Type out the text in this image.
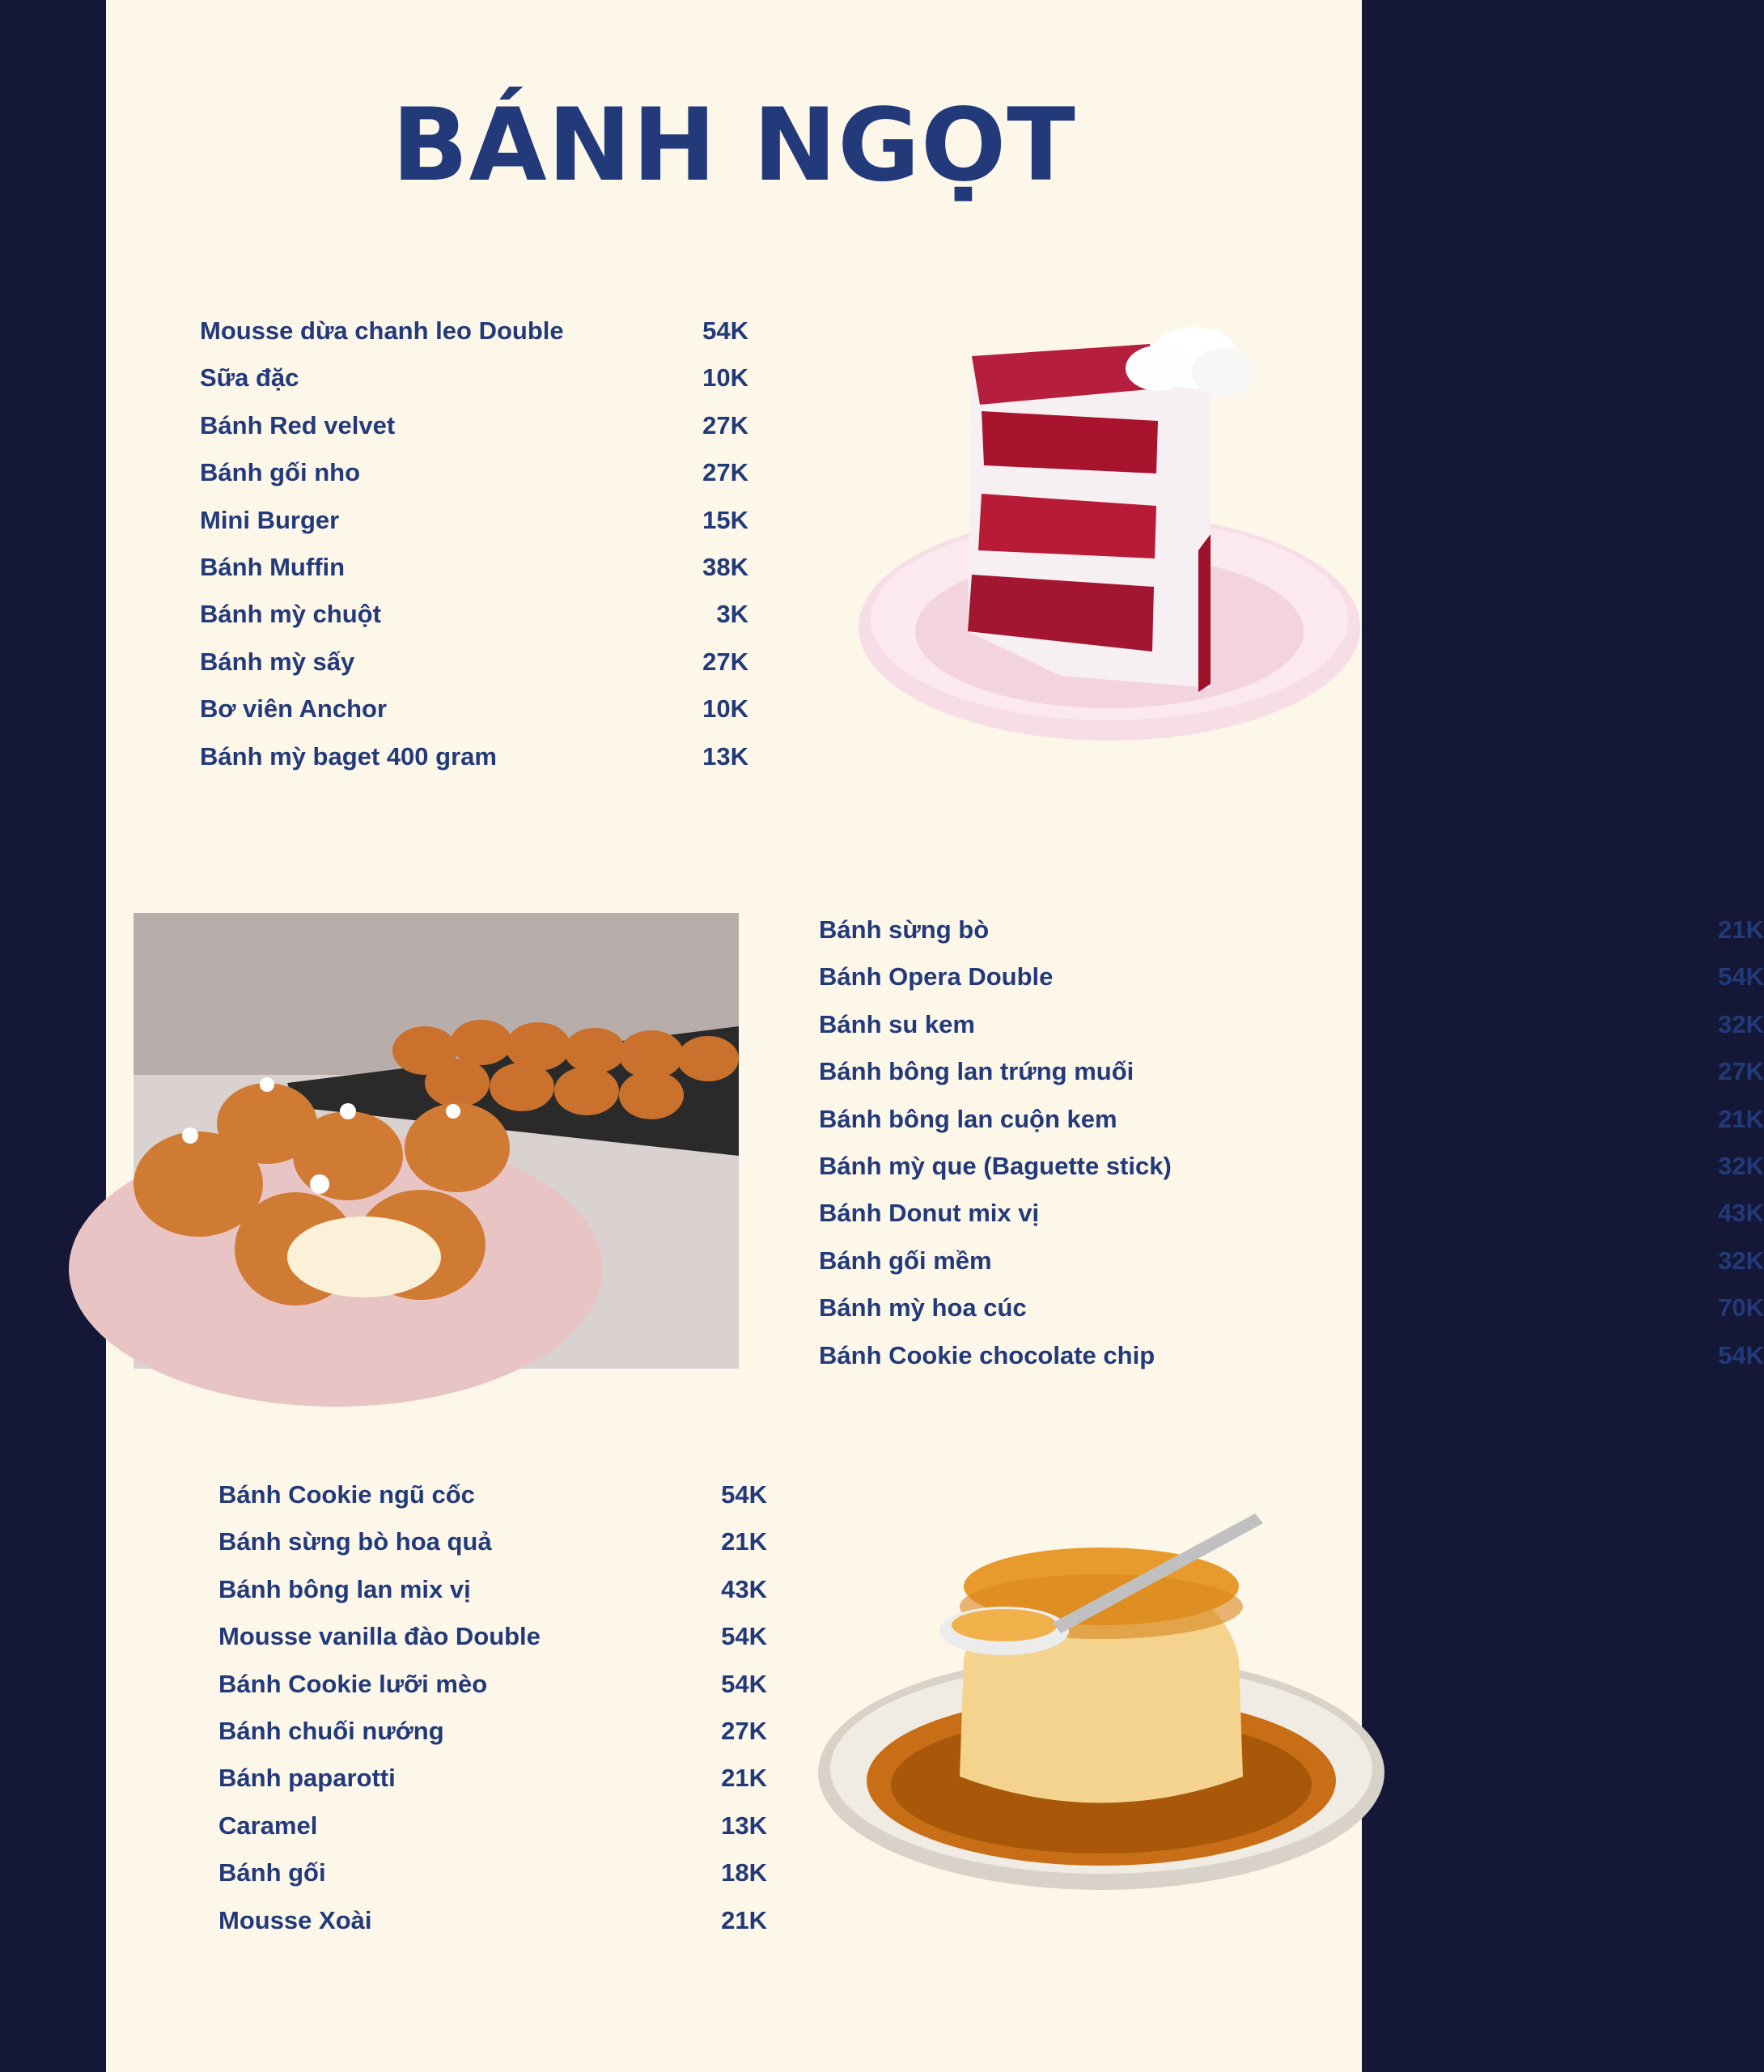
BÁNH NGỌT
Mousse dừa chanh leo Double	54K
Sữa đặc	10K
Bánh Red velvet	27K
Bánh gối nho	27K
Mini Burger	15K
Bánh Muffin	38K
Bánh mỳ chuột	3K
Bánh mỳ sấy	27K
Bơ viên Anchor	10K
Bánh mỳ baget 400 gram	13K
Bánh sừng bò	21K
Bánh Opera Double	54K
Bánh su kem	32K
Bánh bông lan trứng muối	27K
Bánh bông lan cuộn kem	21K
Bánh mỳ que (Baguette stick)	32K
Bánh Donut mix vị	43K
Bánh gối mềm	32K
Bánh mỳ hoa cúc	70K
Bánh Cookie chocolate chip	54K
Bánh Cookie ngũ cốc	54K
Bánh sừng bò hoa quả	21K
Bánh bông lan mix vị	43K
Mousse vanilla đào Double	54K
Bánh Cookie lưỡi mèo	54K
Bánh chuối nướng	27K
Bánh paparotti	21K
Caramel	13K
Bánh gối	18K
Mousse Xoài	21K
